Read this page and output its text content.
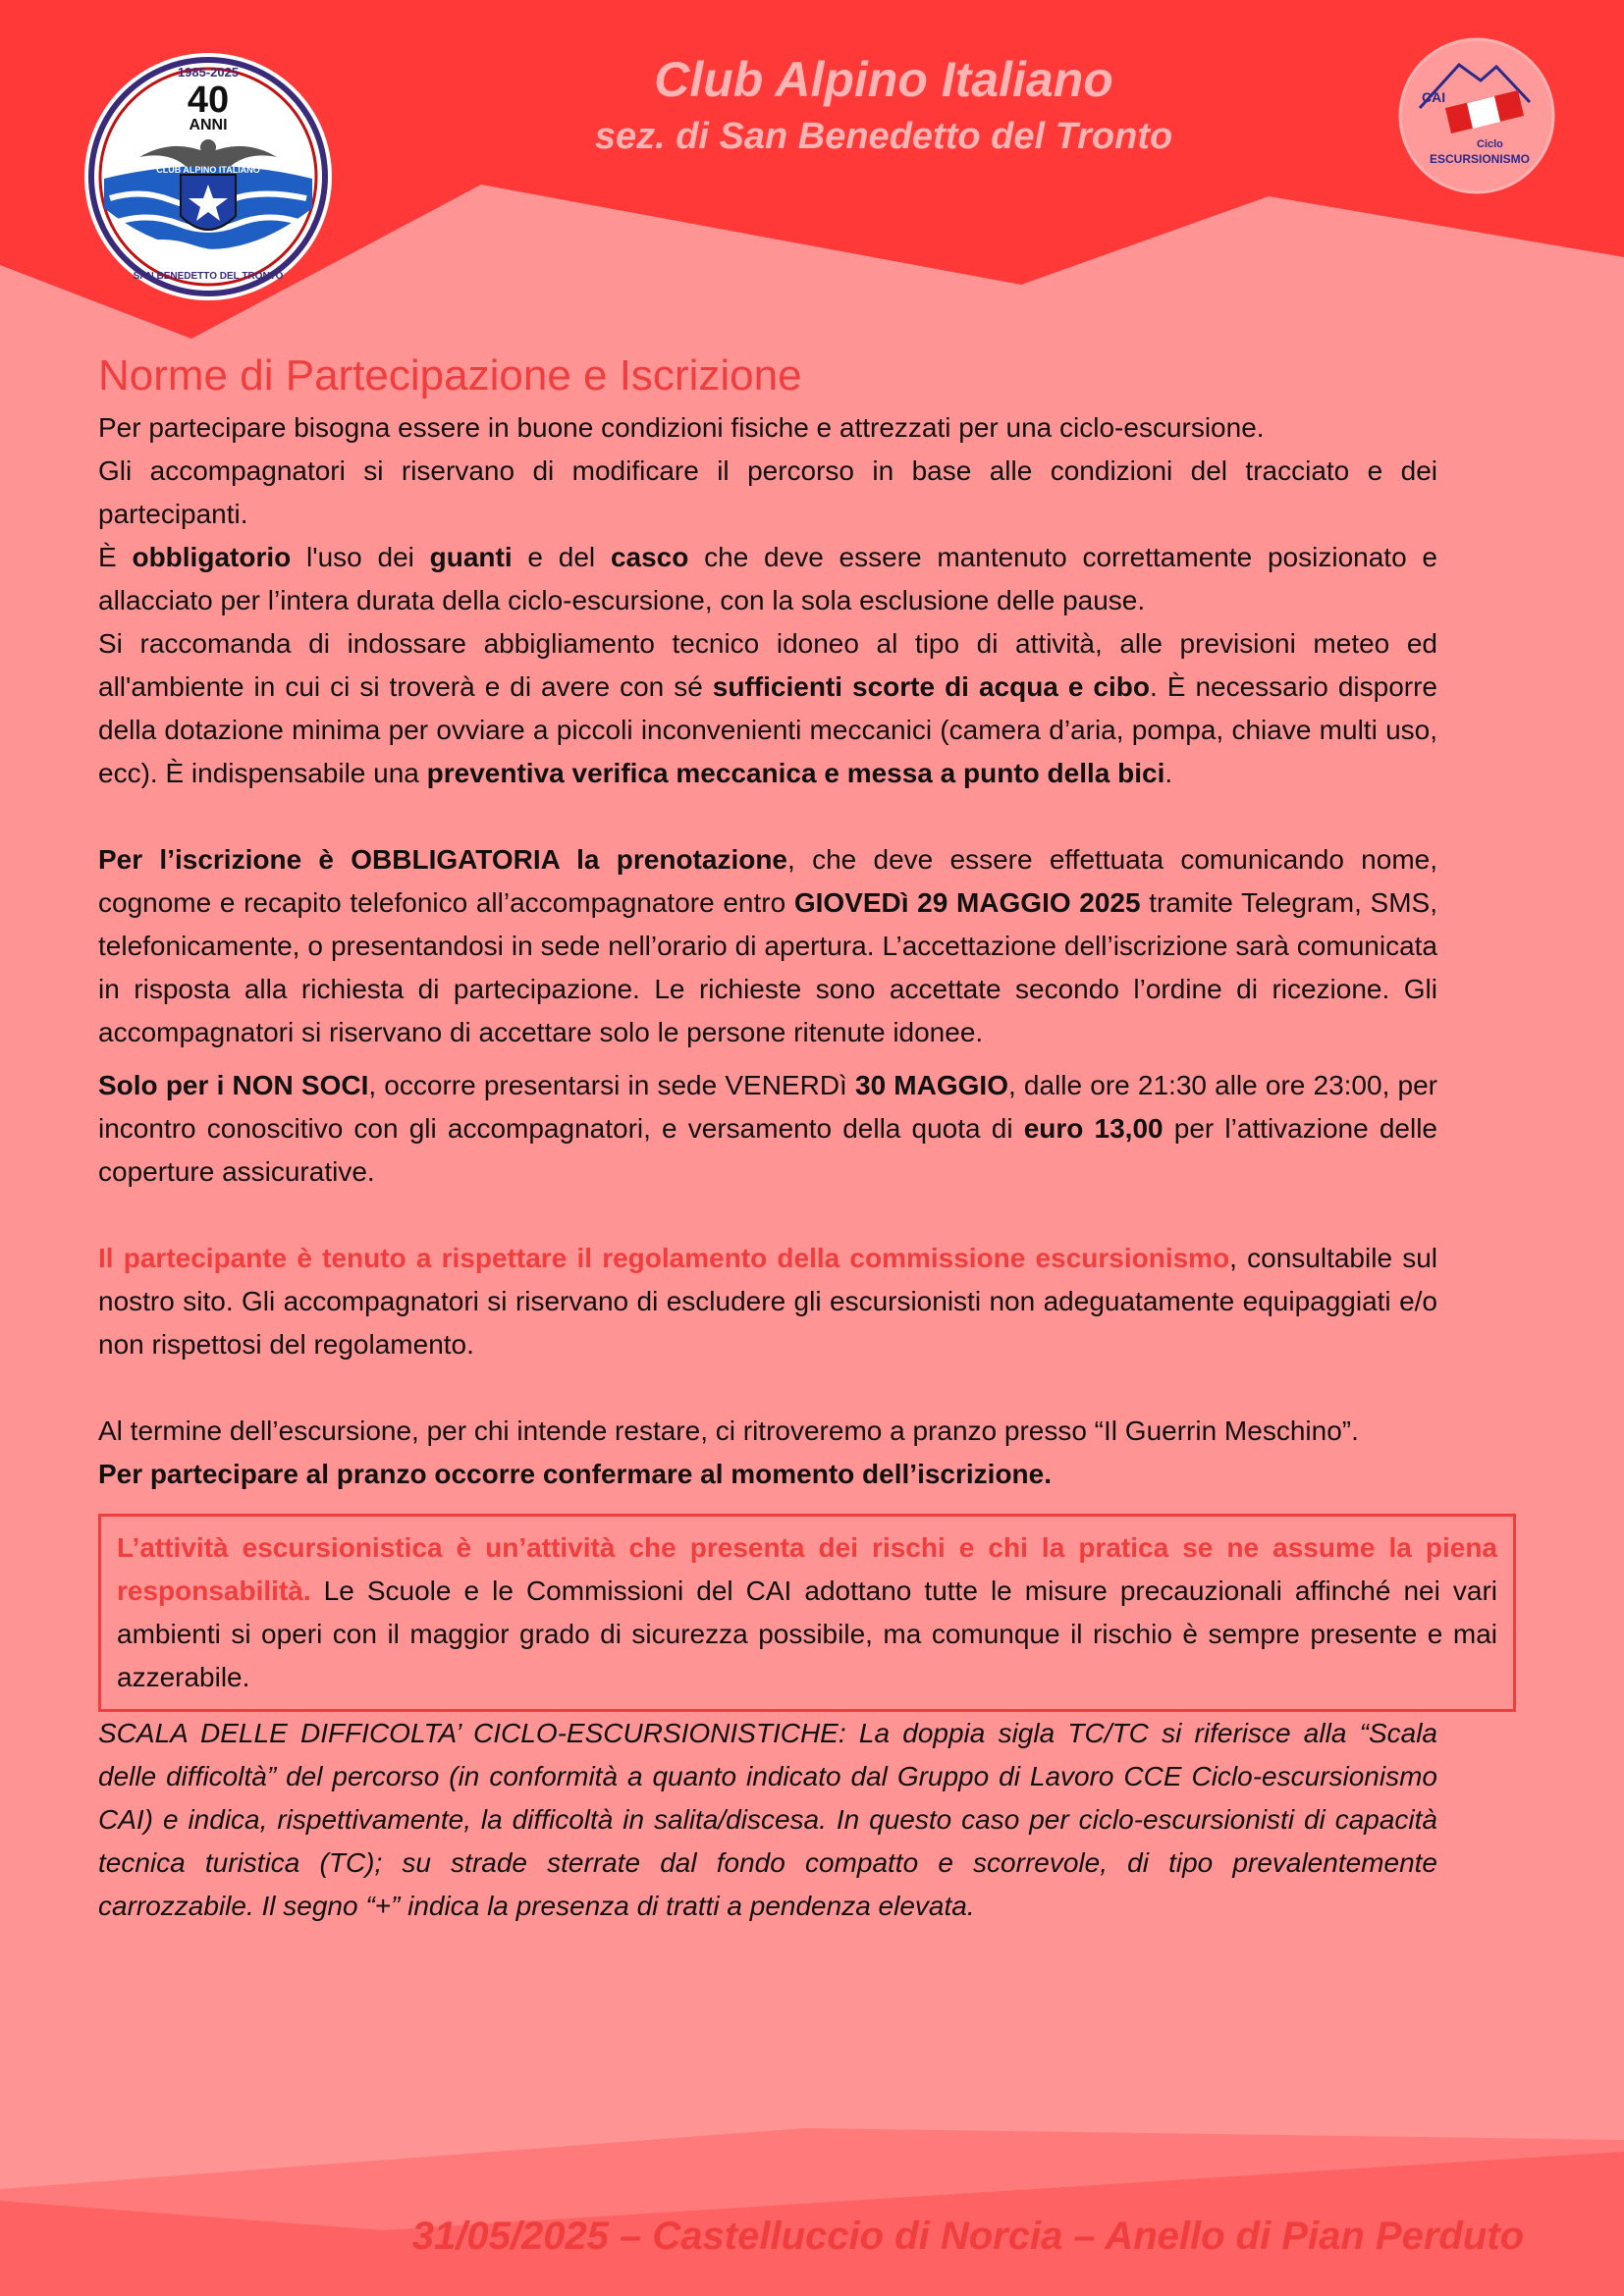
1985-2025
40
ANNI
CLUB ALPINO ITALIANO
SAN BENEDETTO DEL TRONTO
CAI
Ciclo
ESCURSIONISMO
Club Alpino Italiano
sez. di San Benedetto del Tronto
Norme di Partecipazione e Iscrizione

Per partecipare bisogna essere in buone condizioni fisiche e attrezzati per una ciclo-escursione.

Gli accompagnatori si riservano di modificare il percorso in base alle condizioni del tracciato e dei partecipanti.

È obbligatorio l'uso dei guanti e del casco che deve essere mantenuto correttamente posizionato e allacciato per l’intera durata della ciclo-escursione, con la sola esclusione delle pause.

Si raccomanda di indossare abbigliamento tecnico idoneo al tipo di attività, alle previsioni meteo ed all'ambiente in cui ci si troverà e di avere con sé sufficienti scorte di acqua e cibo. È necessario disporre della dotazione minima per ovviare a piccoli inconvenienti meccanici (camera d’aria, pompa, chiave multi uso, ecc). È indispensabile una preventiva verifica meccanica e messa a punto della bici.

Per l’iscrizione è OBBLIGATORIA la prenotazione, che deve essere effettuata comunicando nome, cognome e recapito telefonico all’accompagnatore entro GIOVEDì 29 MAGGIO 2025 tramite Telegram, SMS, telefonicamente, o presentandosi in sede nell’orario di apertura. L’accettazione dell’iscrizione sarà comunicata in risposta alla richiesta di partecipazione. Le richieste sono accettate secondo l’ordine di ricezione. Gli accompagnatori si riservano di accettare solo le persone ritenute idonee.

Solo per i NON SOCI, occorre presentarsi in sede VENERDì 30 MAGGIO, dalle ore 21:30 alle ore 23:00, per incontro conoscitivo con gli accompagnatori, e versamento della quota di euro 13,00 per l’attivazione delle coperture assicurative.

Il partecipante è tenuto a rispettare il regolamento della commissione escursionismo, consultabile sul nostro sito. Gli accompagnatori si riservano di escludere gli escursionisti non adeguatamente equipaggiati e/o non rispettosi del regolamento.

Al termine dell’escursione, per chi intende restare, ci ritroveremo a pranzo presso “Il Guerrin Meschino”.

Per partecipare al pranzo occorre confermare al momento dell’iscrizione.

L’attività escursionistica è un’attività che presenta dei rischi e chi la pratica se ne assume la piena responsabilità. Le Scuole e le Commissioni del CAI adottano tutte le misure precauzionali affinché nei vari ambienti si operi con il maggior grado di sicurezza possibile, ma comunque il rischio è sempre presente e mai azzerabile.

SCALA DELLE DIFFICOLTA’ CICLO-ESCURSIONISTICHE: La doppia sigla TC/TC si riferisce alla “Scala delle difficoltà” del percorso (in conformità a quanto indicato dal Gruppo di Lavoro CCE Ciclo-escursionismo CAI) e indica, rispettivamente, la difficoltà in salita/discesa. In questo caso per ciclo-escursionisti di capacità tecnica turistica (TC); su strade sterrate dal fondo compatto e scorrevole, di tipo prevalentemente carrozzabile. Il segno “+” indica la presenza di tratti a pendenza elevata.

31/05/2025 – Castelluccio di Norcia – Anello di Pian Perduto
